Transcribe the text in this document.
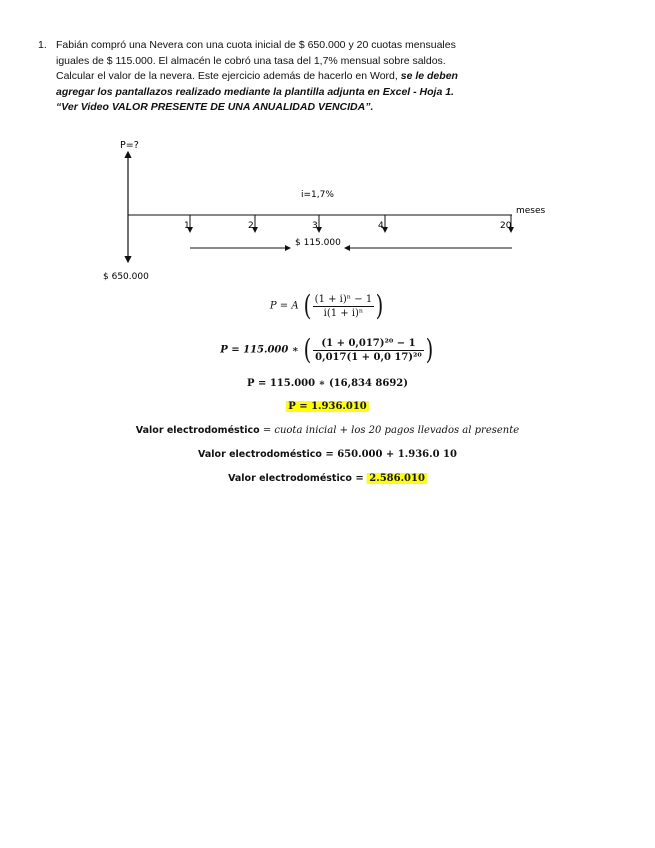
1. Fabián compró una Nevera con una cuota inicial de $ 650.000 y 20 cuotas mensuales
iguales de $ 115.000. El almacén le cobró una tasa del 1,7% mensual sobre saldos.
Calcular el valor de la nevera. Este ejercicio además de hacerlo en Word, se le deben
agregar los pantallazos realizado mediante la plantilla adjunta en Excel - Hoja 1.
“Ver Video VALOR PRESENTE DE UNA ANUALIDAD VENCIDA”.
P=?
meses
i=1,7%
$ 650.000
1	2	3	4	20
$ 115.000
P = A ( $\frac{\text{(1 + i)ⁿ − 1}}{\text{i(1 + i)ⁿ}}$ )
P = 115.000 ∗ ( $\frac{\text{(1 + 0,017)²⁰ − 1}}{\text{0,017(1 + 0,0 17)²⁰}}$ )
P = 115.000 ∗ (16,834 8692)
P = 1.936.010
Valor electrodoméstico = cuota inicial + los 20 pagos llevados al presente
Valor electrodoméstico = 650.000 + 1.936.0 10
Valor electrodoméstico = 2.586.010
